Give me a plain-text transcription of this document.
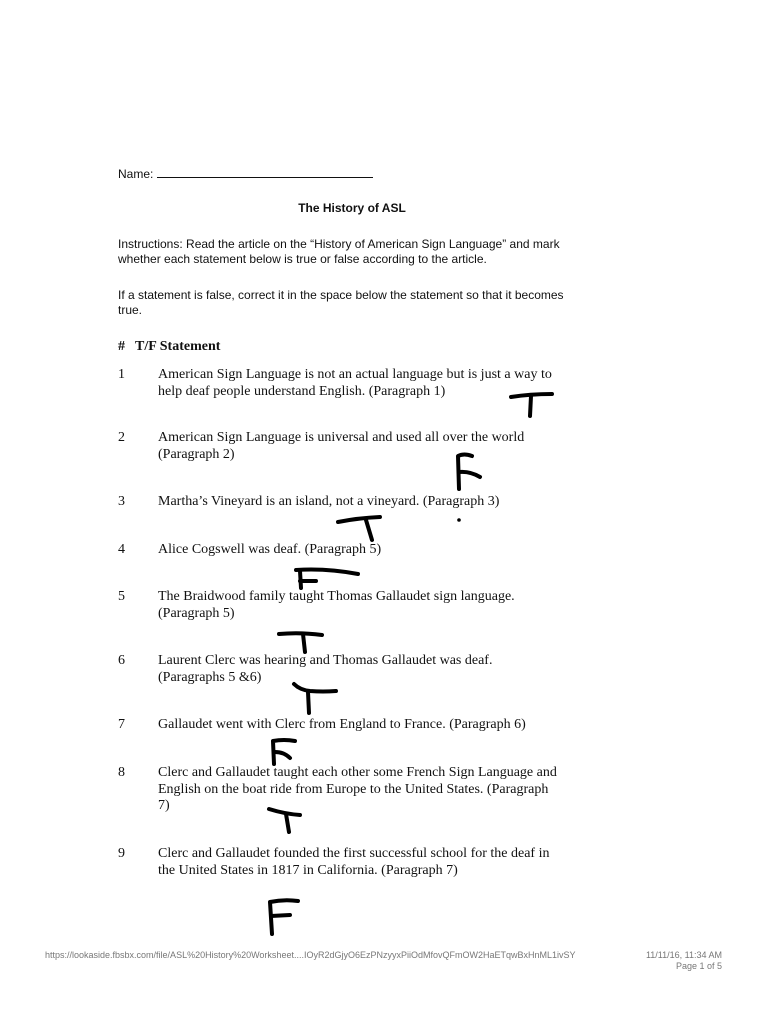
Name:
The History of ASL
Instructions: Read the article on the “History of American Sign Language” and mark whether each statement below is true or false according to the article.
If a statement is false, correct it in the space below the statement so that it becomes true.
# T/F Statement
1 American Sign Language is not an actual language but is just a way to help deaf people understand English. (Paragraph 1)
2 American Sign Language is universal and used all over the world (Paragraph 2)
3 Martha’s Vineyard is an island, not a vineyard. (Paragraph 3)
4 Alice Cogswell was deaf. (Paragraph 5)
5 The Braidwood family taught Thomas Gallaudet sign language. (Paragraph 5)
6 Laurent Clerc was hearing and Thomas Gallaudet was deaf. (Paragraphs 5 &6)
7 Gallaudet went with Clerc from England to France. (Paragraph 6)
8 Clerc and Gallaudet taught each other some French Sign Language and English on the boat ride from Europe to the United States. (Paragraph 7)
9 Clerc and Gallaudet founded the first successful school for the deaf in the United States in 1817 in California. (Paragraph 7)
https://lookaside.fbsbx.com/file/ASL%20History%20Worksheet....IOyR2dGjyO6EzPNzyyxPiiOdMfovQFmOW2HaETqwBxHnML1ivSY	11/11/16, 11:34 AM
Page 1 of 5
